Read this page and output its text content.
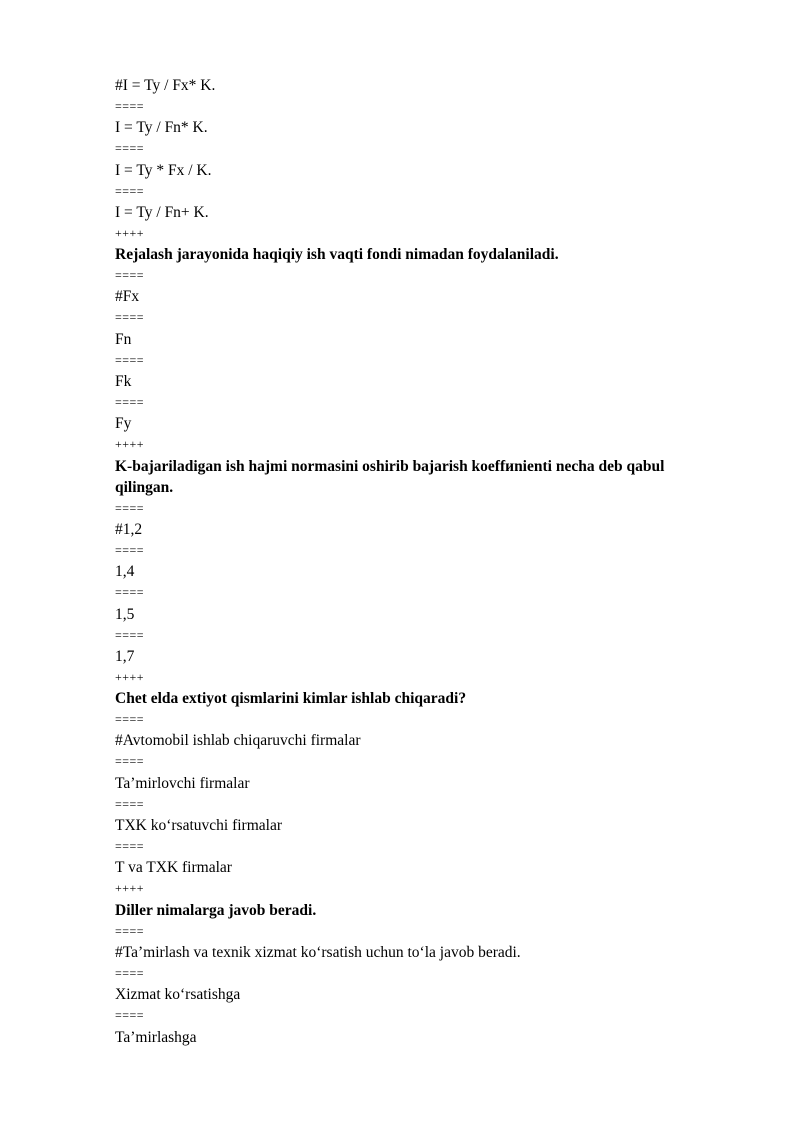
#I = Ty / Fx* K.
====
I = Ty / Fn* K.
====
I = Ty * Fx / K.
====
I = Ty / Fn+ K.
++++
Rejalash jarayonida haqiqiy ish vaqti fondi nimadan foydalaniladi.
====
#Fx
====
Fn
====
Fk
====
Fy
++++
K-bajariladigan ish hajmi normasini oshirib bajarish koeffиnienti necha deb qabul qilingan.
====
#1,2
====
1,4
====
1,5
====
1,7
++++
Chet elda extiyot qismlarini kimlar ishlab chiqaradi?
====
#Avtomobil ishlab chiqaruvchi firmalar
====
Ta’mirlovchi firmalar
====
TXK ko‘rsatuvchi firmalar
====
T va TXK firmalar
++++
Diller nimalarga javob beradi.
====
#Ta’mirlash va texnik xizmat ko‘rsatish uchun to‘la javob beradi.
====
Xizmat ko‘rsatishga
====
Ta’mirlashga
